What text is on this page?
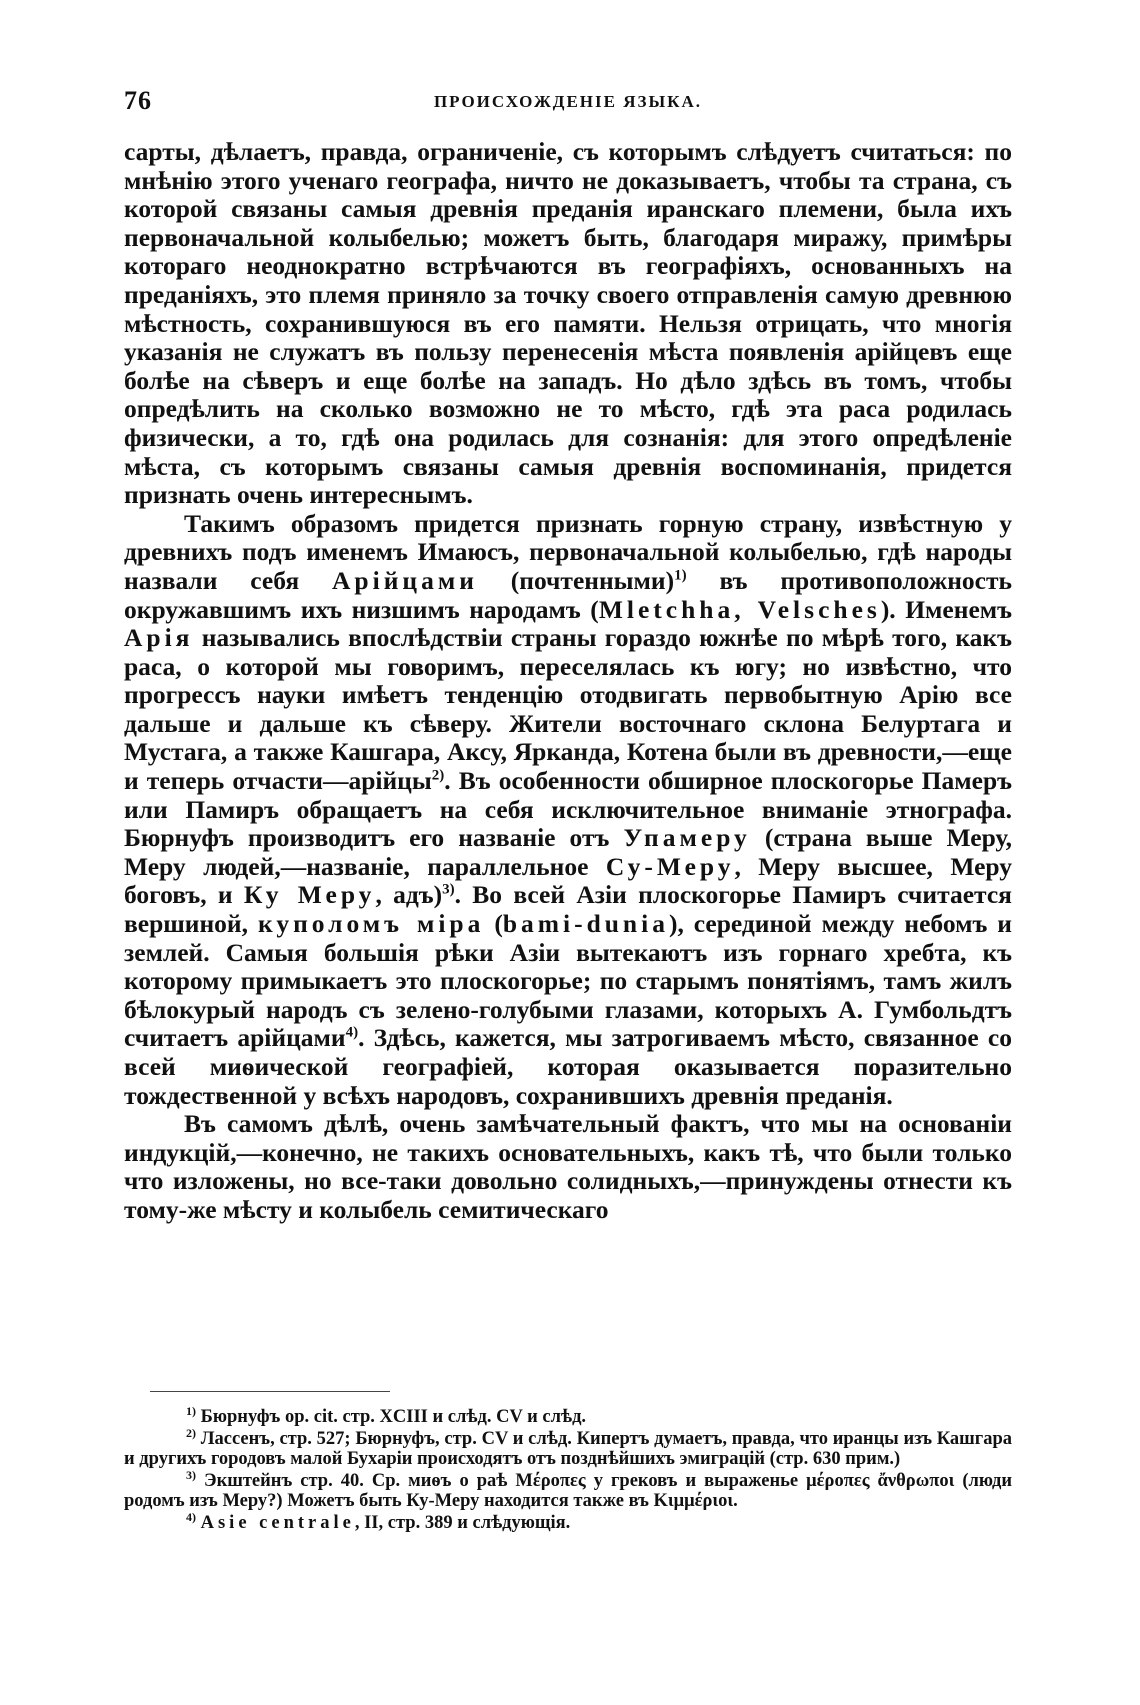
76	ПРОИСХОЖДЕНІЕ ЯЗЫКА.

сарты, дѣлаетъ, правда, ограниченіе, съ которымъ слѣдуетъ считаться: по мнѣнію этого ученаго географа, ничто не доказываетъ, чтобы та страна, съ которой связаны самыя древнія преданія иранскаго племени, была ихъ первоначальной колыбелью; можетъ быть, благодаря миражу, примѣры котораго неоднократно встрѣчаются въ географіяхъ, основанныхъ на преданіяхъ, это племя приняло за точку своего отправленія самую древнюю мѣстность, сохранившуюся въ его памяти. Нельзя отрицать, что многія указанія не служатъ въ пользу перенесенія мѣста появленія арійцевъ еще болѣе на сѣверъ и еще болѣе на западъ. Но дѣло здѣсь въ томъ, чтобы опредѣлить на сколько возможно не то мѣсто, гдѣ эта раса родилась физически, а то, гдѣ она родилась для сознанія: для этого опредѣленіе мѣста, съ которымъ связаны самыя древнія воспоминанія, придется признать очень интереснымъ.

Такимъ образомъ придется признать горную страну, извѣстную у древнихъ подъ именемъ Имаюсъ, первоначальной колыбелью, гдѣ народы назвали себя Арійцами (почтенными)$^{1)}$ въ противоположность окружавшимъ ихъ низшимъ народамъ (Mletchha, Velsches). Именемъ Арія назывались впослѣдствіи страны гораздо южнѣе по мѣрѣ того, какъ раса, о которой мы говоримъ, переселялась къ югу; но извѣстно, что прогрессъ науки имѣетъ тенденцію отодвигать первобытную Арію все дальше и дальше къ сѣверу. Жители восточнаго склона Белуртага и Мустага, а также Кашгара, Аксу, Ярканда, Котена были въ древности,—еще и теперь отчасти—арійцы$^{2)}$. Въ особенности обширное плоскогорье Памеръ или Памиръ обращаетъ на себя исключительное вниманіе этнографа. Бюрнуфъ производитъ его названіе отъ Упамеру (страна выше Меру, Меру людей,—названіе, параллельное Су-Меру, Меру высшее, Меру боговъ, и Ку Меру, адъ)$^{3)}$. Во всей Азіи плоскогорье Памиръ считается вершиной, куполомъ міра (bami-dunia), серединой между небомъ и землей. Самыя большія рѣки Азіи вытекаютъ изъ горнаго хребта, къ которому примыкаетъ это плоскогорье; по старымъ понятіямъ, тамъ жилъ бѣлокурый народъ съ зелено-голубыми глазами, которыхъ А. Гумбольдтъ считаетъ арійцами$^{4)}$. Здѣсь, кажется, мы затрогиваемъ мѣсто, связанное со всей миѳической географіей, которая оказывается поразительно тождественной у всѣхъ народовъ, сохранившихъ древнія преданія.

Въ самомъ дѣлѣ, очень замѣчательный фактъ, что мы на основаніи индукцій,—конечно, не такихъ основательныхъ, какъ тѣ, что были только что изложены, но все-таки довольно солидныхъ,—принуждены отнести къ тому-же мѣсту и колыбель семитическаго

$^{1)}$ Бюрнуфъ op. cit. стр. XCIII и слѣд. CV и слѣд.

$^{2)}$ Лассенъ, стр. 527; Бюрнуфъ, стр. CV и слѣд. Кипертъ думаетъ, правда, что иранцы изъ Кашгара и другихъ городовъ малой Бухаріи происходятъ отъ позднѣйшихъ эмиграцій (стр. 630 прим.)

$^{3)}$ Экштейнъ стр. 40. Ср. миѳъ о раѣ Μέροπες у грековъ и выраженье μέροπες ἄνθρωποι (люди родомъ изъ Меру?) Можетъ быть Ку-Меру находится также въ Κιμμέριοι.

$^{4)}$ Asie centrale, II, стр. 389 и слѣдующія.
